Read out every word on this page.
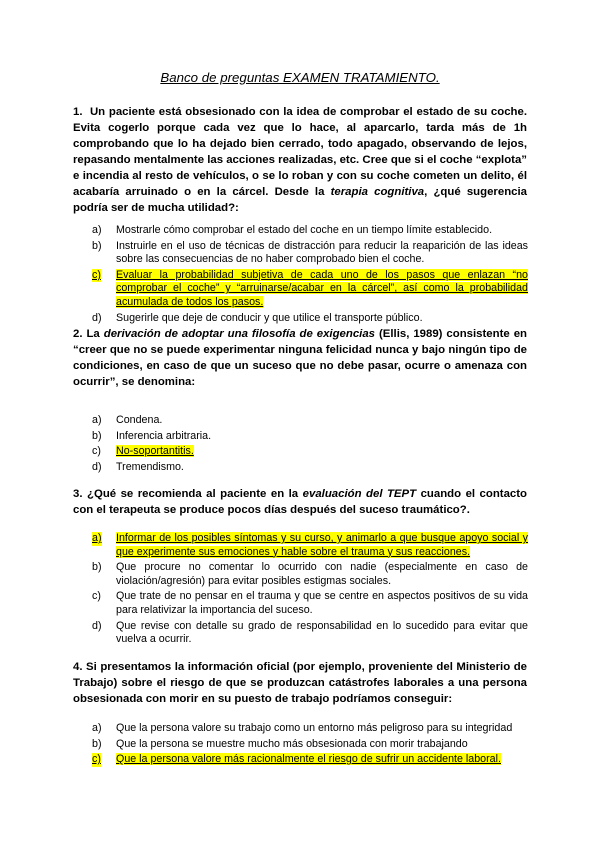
Banco de preguntas EXAMEN TRATAMIENTO.
1. Un paciente está obsesionado con la idea de comprobar el estado de su coche. Evita cogerlo porque cada vez que lo hace, al aparcarlo, tarda más de 1h comprobando que lo ha dejado bien cerrado, todo apagado, observando de lejos, repasando mentalmente las acciones realizadas, etc. Cree que si el coche “explota” e incendia al resto de vehículos, o se lo roban y con su coche cometen un delito, él acabaría arruinado o en la cárcel. Desde la terapia cognitiva, ¿qué sugerencia podría ser de mucha utilidad?:
a) Mostrarle cómo comprobar el estado del coche en un tiempo límite establecido.
b) Instruirle en el uso de técnicas de distracción para reducir la reaparición de las ideas sobre las consecuencias de no haber comprobado bien el coche.
c) Evaluar la probabilidad subjetiva de cada uno de los pasos que enlazan “no comprobar el coche” y “arruinarse/acabar en la cárcel”, así como la probabilidad acumulada de todos los pasos.
d) Sugerirle que deje de conducir y que utilice el transporte público.
2. La derivación de adoptar una filosofía de exigencias (Ellis, 1989) consistente en “creer que no se puede experimentar ninguna felicidad nunca y bajo ningún tipo de condiciones, en caso de que un suceso que no debe pasar, ocurre o amenaza con ocurrir”, se denomina:
a) Condena.
b) Inferencia arbitraria.
c) No-soportantitis.
d) Tremendismo.
3. ¿Qué se recomienda al paciente en la evaluación del TEPT cuando el contacto con el terapeuta se produce pocos días después del suceso traumático?.
a) Informar de los posibles síntomas y su curso, y animarlo a que busque apoyo social y que experimente sus emociones y hable sobre el trauma y sus reacciones.
b) Que procure no comentar lo ocurrido con nadie (especialmente en caso de violación/agresión) para evitar posibles estigmas sociales.
c) Que trate de no pensar en el trauma y que se centre en aspectos positivos de su vida para relativizar la importancia del suceso.
d) Que revise con detalle su grado de responsabilidad en lo sucedido para evitar que vuelva a ocurrir.
4. Si presentamos la información oficial (por ejemplo, proveniente del Ministerio de Trabajo) sobre el riesgo de que se produzcan catástrofes laborales a una persona obsesionada con morir en su puesto de trabajo podríamos conseguir:
a) Que la persona valore su trabajo como un entorno más peligroso para su integridad
b) Que la persona se muestre mucho más obsesionada con morir trabajando
c) Que la persona valore más racionalmente el riesgo de sufrir un accidente laboral.
